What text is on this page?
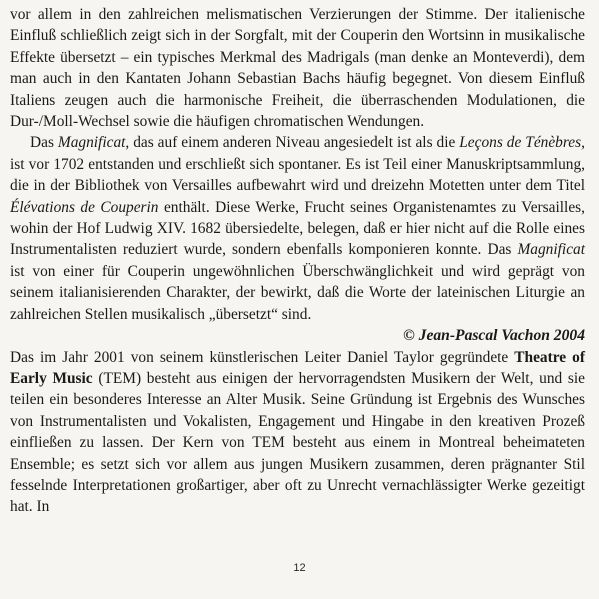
vor allem in den zahlreichen melismatischen Verzierungen der Stimme. Der italienische Einfluß schließlich zeigt sich in der Sorgfalt, mit der Couperin den Wortsinn in musikalische Effekte übersetzt – ein typisches Merkmal des Madrigals (man denke an Monteverdi), dem man auch in den Kantaten Johann Sebastian Bachs häufig begegnet. Von diesem Einfluß Italiens zeugen auch die harmonische Freiheit, die überraschenden Modulationen, die Dur-/Moll-Wechsel sowie die häufigen chromatischen Wendungen.

Das Magnificat, das auf einem anderen Niveau angesiedelt ist als die Leçons de Ténèbres, ist vor 1702 entstanden und erschließt sich spontaner. Es ist Teil einer Manuskriptsammlung, die in der Bibliothek von Versailles aufbewahrt wird und dreizehn Motetten unter dem Titel Élévations de Couperin enthält. Diese Werke, Frucht seines Organistenamtes zu Versailles, wohin der Hof Ludwig XIV. 1682 übersiedelte, belegen, daß er hier nicht auf die Rolle eines Instrumentalisten reduziert wurde, sondern ebenfalls komponieren konnte. Das Magnificat ist von einer für Couperin ungewöhnlichen Überschwänglichkeit und wird geprägt von seinem italianisierenden Charakter, der bewirkt, daß die Worte der lateinischen Liturgie an zahlreichen Stellen musikalisch „übersetzt“ sind.

© Jean-Pascal Vachon 2004

Das im Jahr 2001 von seinem künstlerischen Leiter Daniel Taylor gegründete Theatre of Early Music (TEM) besteht aus einigen der hervorragendsten Musikern der Welt, und sie teilen ein besonderes Interesse an Alter Musik. Seine Gründung ist Ergebnis des Wunsches von Instrumentalisten und Vokalisten, Engagement und Hingabe in den kreativen Prozeß einfließen zu lassen. Der Kern von TEM besteht aus einem in Montreal beheimateten Ensemble; es setzt sich vor allem aus jungen Musikern zusammen, deren prägnanter Stil fesselnde Interpretationen großartiger, aber oft zu Unrecht vernachlässigter Werke gezeitigt hat. In

12
